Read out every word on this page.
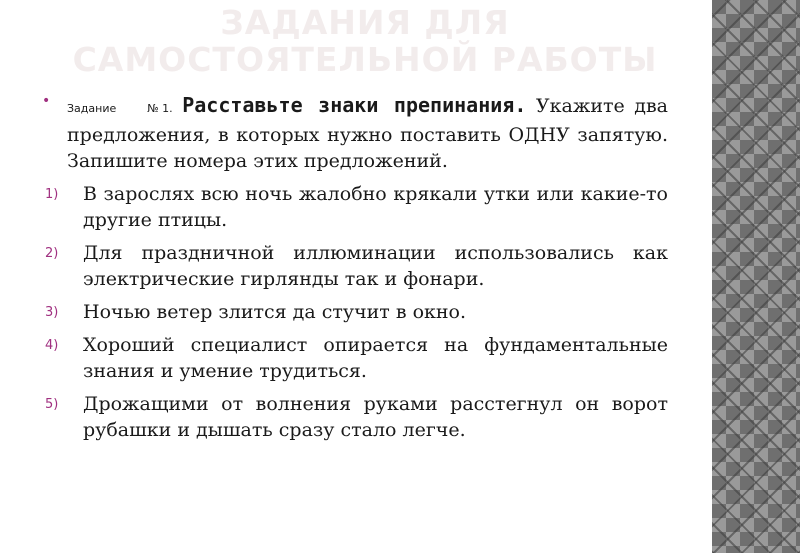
ЗАДАНИЯ ДЛЯ
САМОСТОЯТЕЛЬНОЙ РАБОТЫ

• Задание №1. Расставьте знаки препинания. Укажите два предложения, в которых нужно поставить ОДНУ запятую. Запишите номера этих предложений.

1) В зарослях всю ночь жалобно крякали утки или какие-то другие птицы.
2) Для праздничной иллюминации использовались как электрические гирлянды так и фонари.
3) Ночью ветер злится да стучит в окно.
4) Хороший специалист опирается на фундаментальные знания и умение трудиться.
5) Дрожащими от волнения руками расстегнул он ворот рубашки и дышать сразу стало легче.
